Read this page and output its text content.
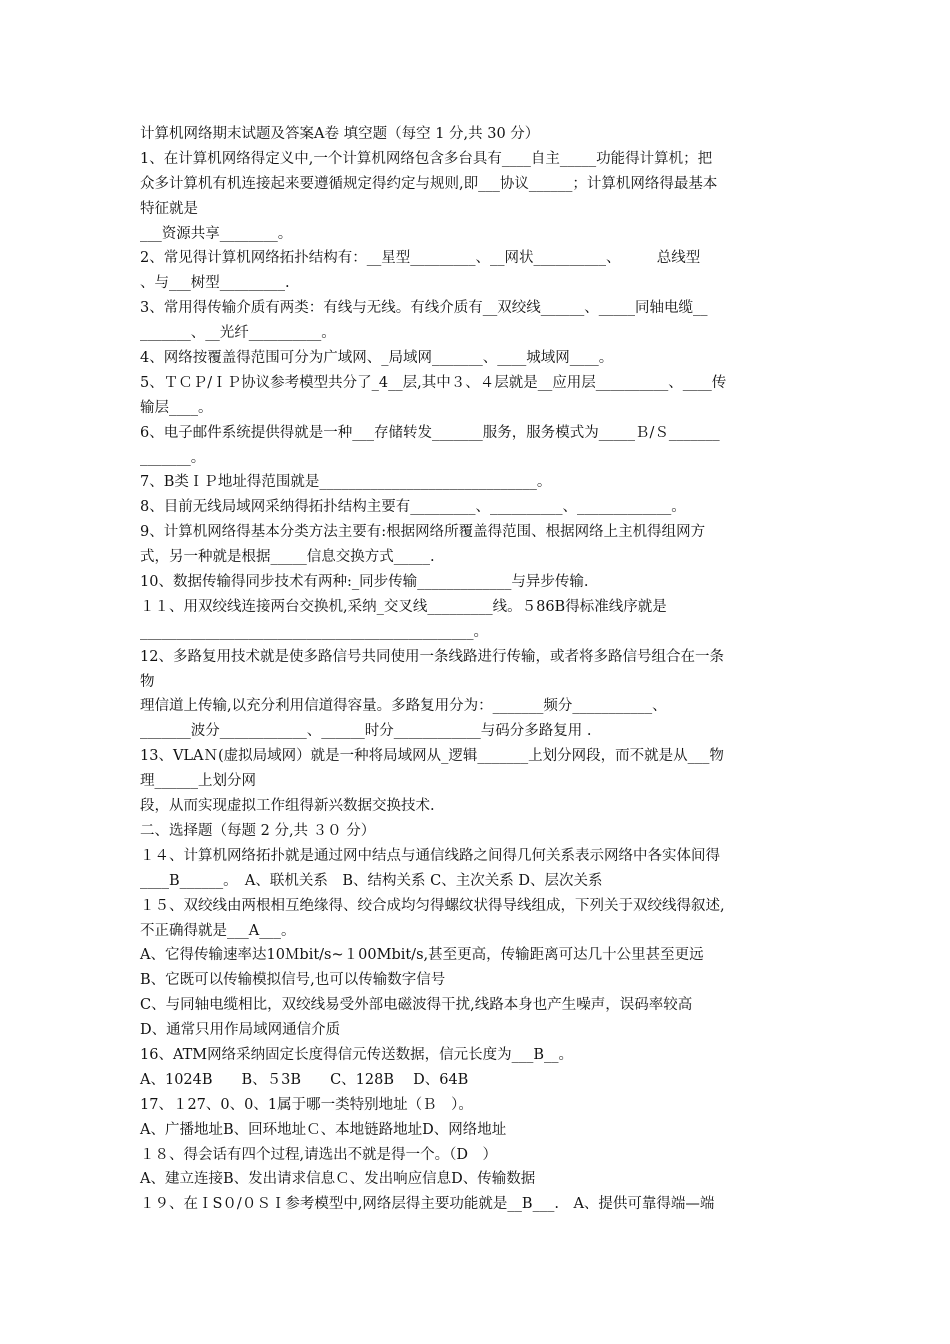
计算机网络期末试题及答案A卷 填空题（每空 1 分,共 30 分）
1、在计算机网络得定义中,一个计算机网络包含多台具有____自主_____功能得计算机；把
众多计算机有机连接起来要遵循规定得约定与规则,即___协议______；计算机网络得最基本
特征就是
___资源共享________。
2、常见得计算机网络拓扑结构有：__星型_________、__网状__________、　　　总线型
、与___树型_________.
3、常用得传输介质有两类：有线与无线。有线介质有__双绞线______、_____同轴电缆__
_______、__光纤__________。
4、网络按覆盖得范围可分为广域网、_局域网_______、____城域网____。
5、ＴＣＰ/ＩＰ协议参考模型共分了_4__层,其中３、４层就是__应用层__________、____传
输层____。
6、电子邮件系统提供得就是一种___存储转发_______服务，服务模式为_____Ｂ/Ｓ_______
_______。
7、B类ＩＰ地址得范围就是______________________________。
8、目前无线局域网采纳得拓扑结构主要有_________、__________、_____________。
9、计算机网络得基本分类方法主要有:根据网络所覆盖得范围、根据网络上主机得组网方
式，另一种就是根据_____信息交换方式_____.
10、数据传输得同步技术有两种:_同步传输_____________与异步传输.
１１、用双绞线连接两台交换机,采纳_交叉线_________线。５86B得标准线序就是
______________________________________________。
12、多路复用技术就是使多路信号共同使用一条线路进行传输，或者将多路信号组合在一条
物
理信道上传输,以充分利用信道得容量。多路复用分为：_______频分___________、
_______波分____________、______时分____________与码分多路复用 .
13、VLAＮ(虚拟局域网）就是一种将局域网从_逻辑_______上划分网段，而不就是从___物
理______上划分网
段，从而实现虚拟工作组得新兴数据交换技术.
二、选择题（每题 2 分,共 ３０ 分）
１４、计算机网络拓扑就是通过网中结点与通信线路之间得几何关系表示网络中各实体间得
____B______。　A、联机关系　B、结构关系 C、主次关系 D、层次关系
１５、双绞线由两根相互绝缘得、绞合成均匀得螺纹状得导线组成，下列关于双绞线得叙述,
不正确得就是___A___。
A、它得传输速率达10Ｍbit/s~１00Mbit/s,甚至更高，传输距离可达几十公里甚至更远
B、它既可以传输模拟信号,也可以传输数字信号
C、与同轴电缆相比，双绞线易受外部电磁波得干扰,线路本身也产生噪声，误码率较高
D、通常只用作局域网通信介质
16、ATM网络采纳固定长度得信元传送数据，信元长度为___B__。
A、1024B　　B、５3B　　C、128B　 D、64B
17、１27、0、0、1属于哪一类特别地址（Ｂ　）。
A、广播地址B、回环地址Ｃ、本地链路地址D、网络地址
１８、得会话有四个过程,请选出不就是得一个。（D　）
A、建立连接B、发出请求信息Ｃ、发出响应信息D、传输数据
１９、在ＩS０/０ＳＩ参考模型中,网络层得主要功能就是__B___.　A、提供可靠得端—端
